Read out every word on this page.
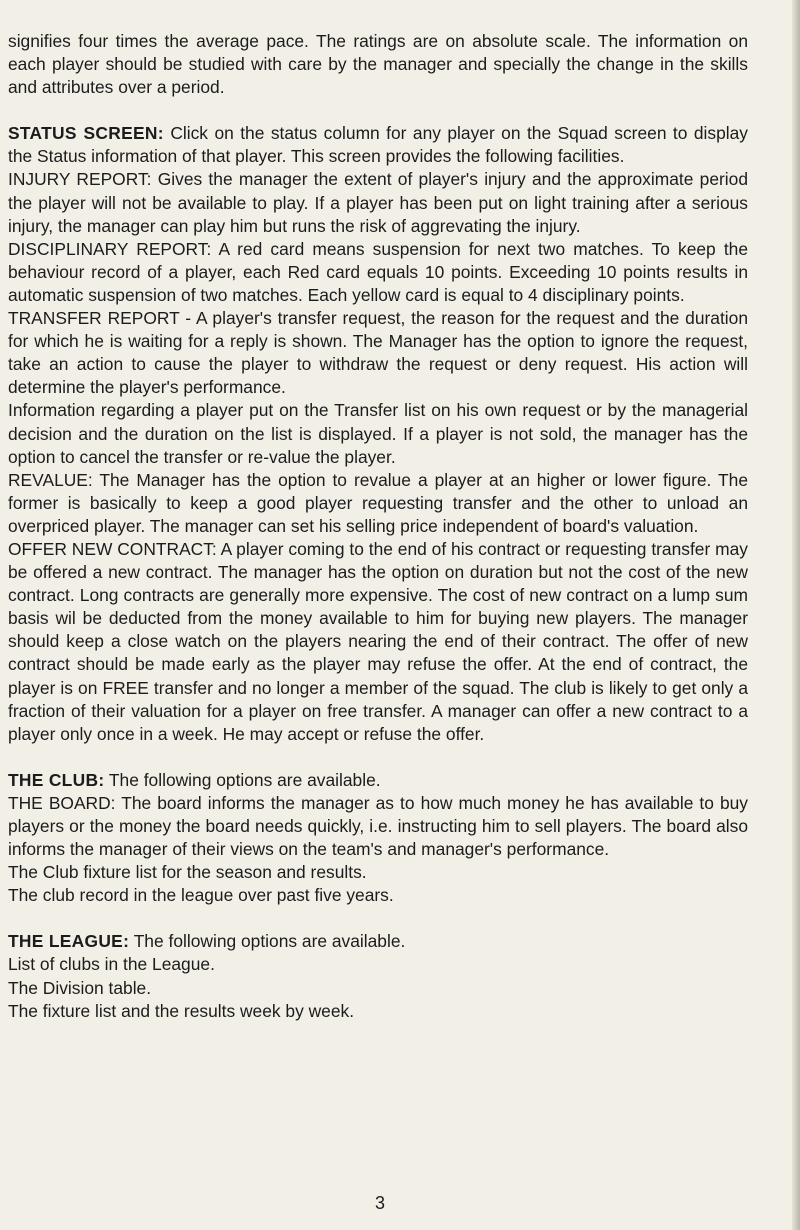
signifies four times the average pace. The ratings are on absolute scale. The information on each player should be studied with care by the manager and specially the change in the skills and attributes over a period.

STATUS SCREEN: Click on the status column for any player on the Squad screen to display the Status information of that player. This screen provides the following facilities.

INJURY REPORT: Gives the manager the extent of player's injury and the approximate period the player will not be available to play. If a player has been put on light training after a serious injury, the manager can play him but runs the risk of aggrevating the injury.

DISCIPLINARY REPORT: A red card means suspension for next two matches. To keep the behaviour record of a player, each Red card equals 10 points. Exceeding 10 points results in automatic suspension of two matches. Each yellow card is equal to 4 disciplinary points.

TRANSFER REPORT - A player's transfer request, the reason for the request and the duration for which he is waiting for a reply is shown. The Manager has the option to ignore the request, take an action to cause the player to withdraw the request or deny request. His action will determine the player's performance.

Information regarding a player put on the Transfer list on his own request or by the managerial decision and the duration on the list is displayed. If a player is not sold, the manager has the option to cancel the transfer or re-value the player.

REVALUE: The Manager has the option to revalue a player at an higher or lower figure. The former is basically to keep a good player requesting transfer and the other to unload an overpriced player. The manager can set his selling price independent of board's valuation.

OFFER NEW CONTRACT: A player coming to the end of his contract or requesting transfer may be offered a new contract. The manager has the option on duration but not the cost of the new contract. Long contracts are generally more expensive. The cost of new contract on a lump sum basis wil be deducted from the money available to him for buying new players. The manager should keep a close watch on the players nearing the end of their contract. The offer of new contract should be made early as the player may refuse the offer. At the end of contract, the player is on FREE transfer and no longer a member of the squad. The club is likely to get only a fraction of their valuation for a player on free transfer. A manager can offer a new contract to a player only once in a week. He may accept or refuse the offer.

THE CLUB: The following options are available.

THE BOARD: The board informs the manager as to how much money he has available to buy players or the money the board needs quickly, i.e. instructing him to sell players. The board also informs the manager of their views on the team's and manager's performance.

The Club fixture list for the season and results.

The club record in the league over past five years.

THE LEAGUE: The following options are available.

List of clubs in the League.

The Division table.

The fixture list and the results week by week.

3
